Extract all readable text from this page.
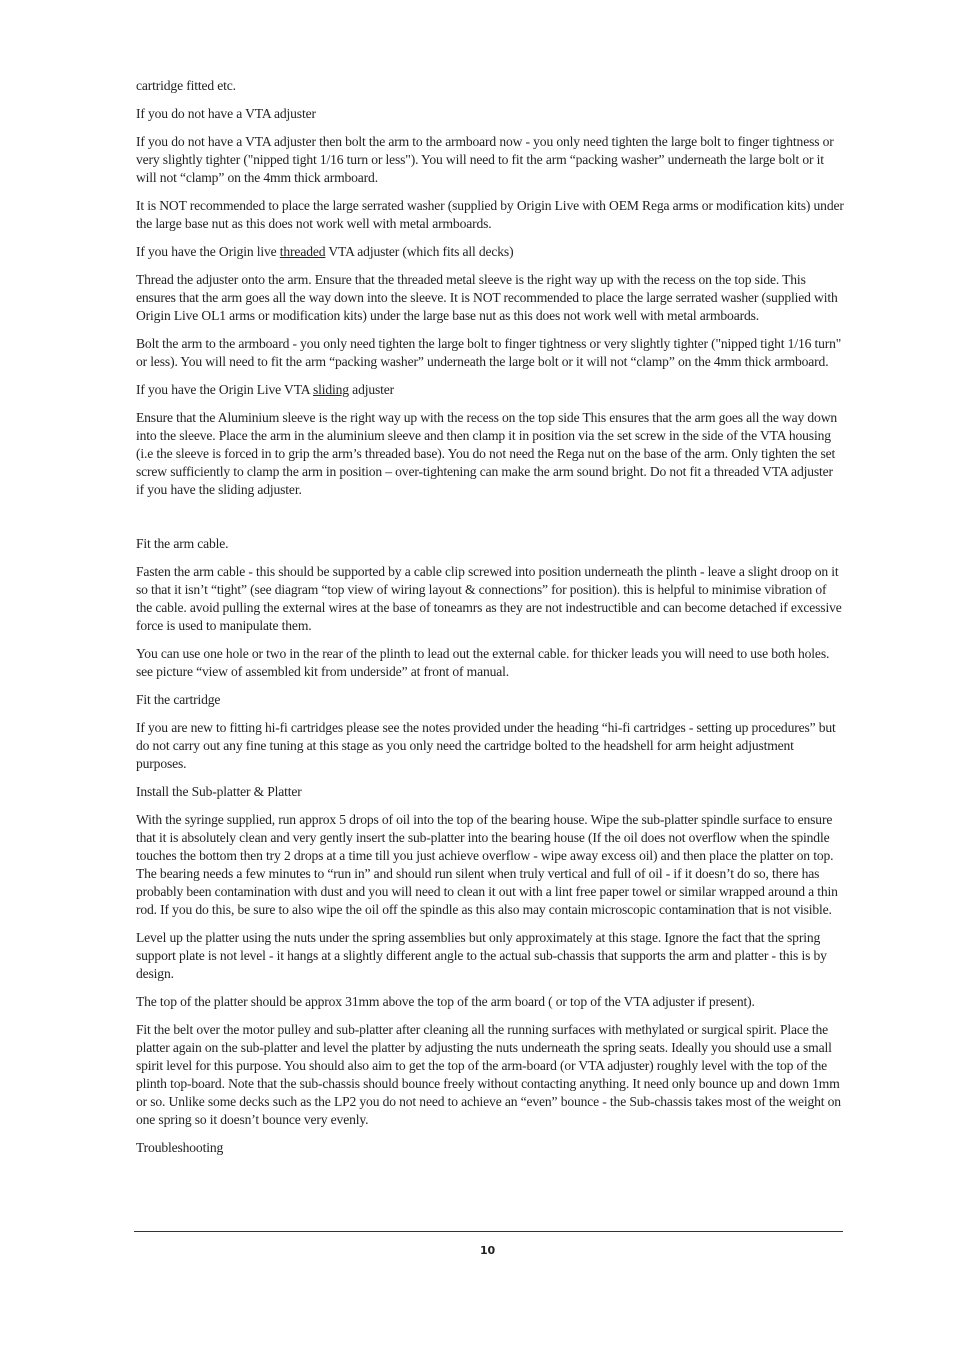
cartridge fitted etc.

If you do not have a VTA adjuster

If you do not have a VTA adjuster then bolt the arm to the armboard now - you only need tighten the large bolt to finger tightness or very slightly tighter ("nipped tight 1/16 turn or less"). You will need to fit the arm “packing washer” underneath the large bolt or it will not “clamp” on the 4mm thick armboard.

It is NOT recommended to place the large serrated washer (supplied by Origin Live with OEM Rega arms or modification kits) under the large base nut as this does not work well with metal armboards.

If you have the Origin live threaded VTA adjuster (which fits all decks)

Thread the adjuster onto the arm. Ensure that the threaded metal sleeve is the right way up with the recess on the top side. This ensures that the arm goes all the way down into the sleeve. It is NOT recommended to place the large serrated washer (supplied with Origin Live OL1 arms or modification kits) under the large base nut as this does not work well with metal armboards.

Bolt the arm to the armboard - you only need tighten the large bolt to finger tightness or very slightly tighter ("nipped tight 1/16 turn" or less). You will need to fit the arm “packing washer” underneath the large bolt or it will not “clamp” on the 4mm thick armboard.

If you have the Origin Live VTA sliding adjuster

Ensure that the Aluminium sleeve is the right way up with the recess on the top side This ensures that the arm goes all the way down into the sleeve. Place the arm in the aluminium sleeve and then clamp it in position via the set screw in the side of the VTA housing (i.e the sleeve is forced in to grip the arm’s threaded base). You do not need the Rega nut on the base of the arm. Only tighten the set screw sufficiently to clamp the arm in position – over-tightening can make the arm sound bright. Do not fit a threaded VTA adjuster if you have the sliding adjuster.

Fit the arm cable.

Fasten the arm cable - this should be supported by a cable clip screwed into position underneath the plinth - leave a slight droop on it so that it isn’t “tight” (see diagram “top view of wiring layout & connections” for position). this is helpful to minimise vibration of the cable. avoid pulling the external wires at the base of toneamrs as they are not indestructible and can become detached if excessive force is used to manipulate them.

You can use one hole or two in the rear of the plinth to lead out the external cable. for thicker leads you will need to use both holes. see picture “view of assembled kit from underside” at front of manual.

Fit the cartridge

If you are new to fitting hi-fi cartridges please see the notes provided under the heading “hi-fi cartridges - setting up procedures” but do not carry out any fine tuning at this stage as you only need the cartridge bolted to the headshell for arm height adjustment purposes.

Install the Sub-platter & Platter

With the syringe supplied, run approx 5 drops of oil into the top of the bearing house. Wipe the sub-platter spindle surface to ensure that it is absolutely clean and very gently insert the sub-platter into the bearing house (If the oil does not overflow when the spindle touches the bottom then try 2 drops at a time till you just achieve overflow - wipe away excess oil) and then place the platter on top. The bearing needs a few minutes to “run in” and should run silent when truly vertical and full of oil - if it doesn’t do so, there has probably been contamination with dust and you will need to clean it out with a lint free paper towel or similar wrapped around a thin rod. If you do this, be sure to also wipe the oil off the spindle as this also may contain microscopic contamination that is not visible.

Level up the platter using the nuts under the spring assemblies but only approximately at this stage. Ignore the fact that the spring support plate is not level - it hangs at a slightly different angle to the actual sub-chassis that supports the arm and platter - this is by design.

The top of the platter should be approx 31mm above the top of the arm board ( or top of the VTA adjuster if present).

Fit the belt over the motor pulley and sub-platter after cleaning all the running surfaces with methylated or surgical spirit. Place the platter again on the sub-platter and level the platter by adjusting the nuts underneath the spring seats. Ideally you should use a small spirit level for this purpose. You should also aim to get the top of the arm-board (or VTA adjuster) roughly level with the top of the plinth top-board. Note that the sub-chassis should bounce freely without contacting anything. It need only bounce up and down 1mm or so. Unlike some decks such as the LP2 you do not need to achieve an “even” bounce - the Sub-chassis takes most of the weight on one spring so it doesn’t bounce very evenly.

Troubleshooting

10
